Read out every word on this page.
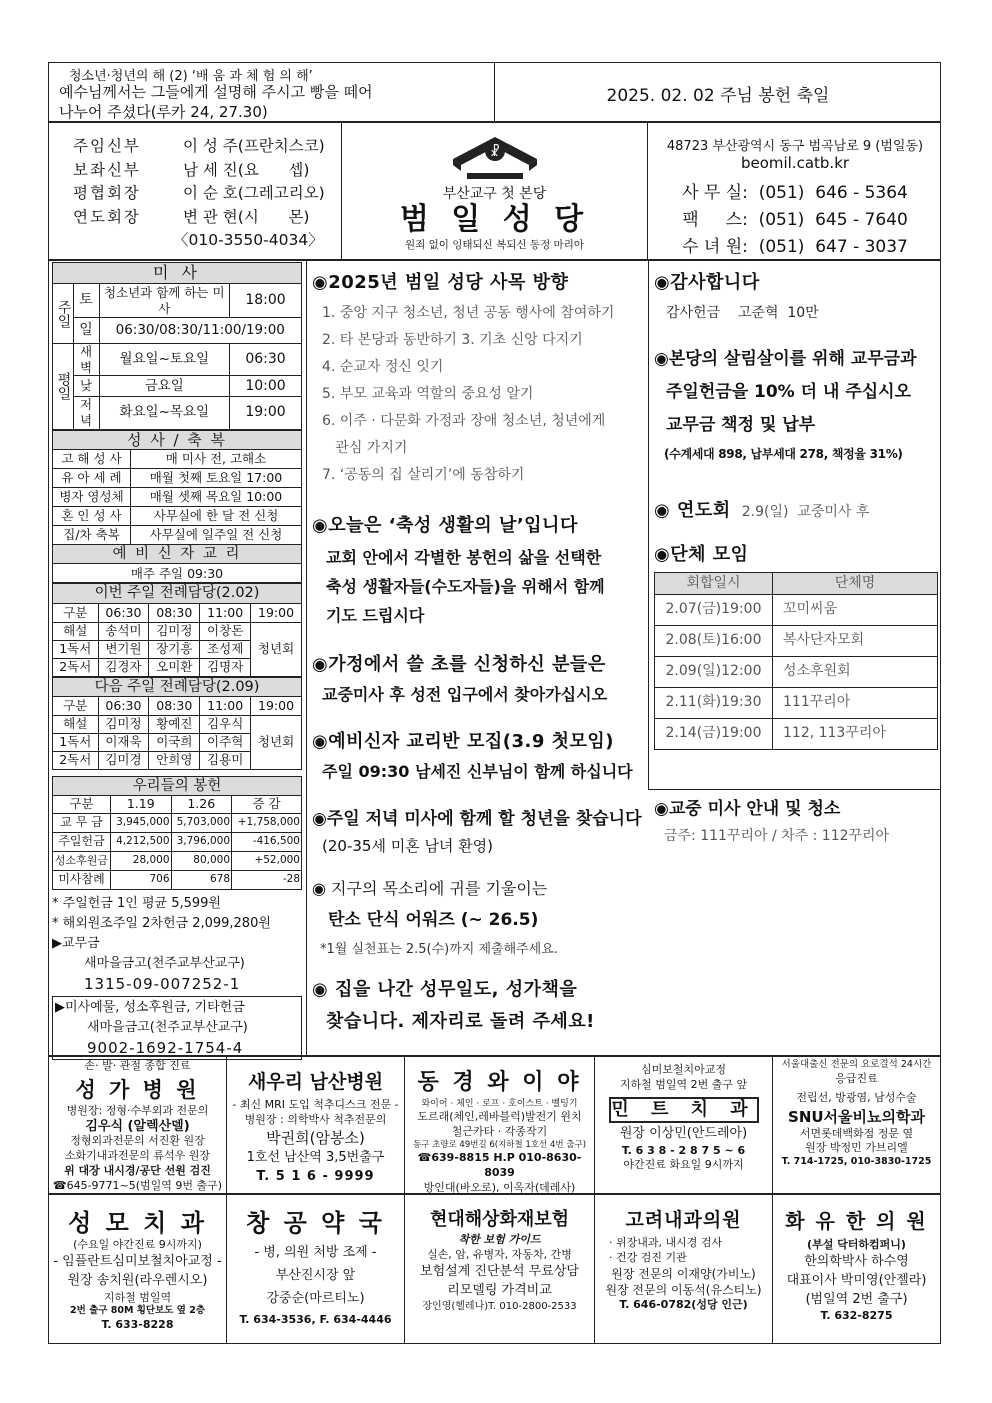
청소년·청년의 해 (2) ‘배 움 과 체 험 의 해’
예수님께서는 그들에게 설명해 주시고 빵을 떼어
나누어 주셨다(루카 24, 27.30)
2025. 02. 02 주님 봉헌 축일
주임신부	이 성 주(프란치스코)
보좌신부	남 세 진(요      셉)
평협회장	이 순 호(그레고리오)
연도회장	변 관 현(시      몬)
〈010-3550-4034〉
☧
부산교구 첫 본당
범 일 성 당
원죄 없이 잉태되신 복되신 동정 마리아
48723 부산광역시 동구 범곡남로 9 (범일동)
beomil.catb.kr
사 무 실:  (051)  646 - 5364
팩     스:  (051)  645 - 7640
수 녀 원:  (051)  647 - 3037
미 사			
주일	토	청소년과 함께 하는 미사	18:00
	일	06:30/08:30/11:00/19:00	
평일	새벽	월요일~토요일	06:30
	낮	금요일	10:00
	저녁	화요일~목요일	19:00
성 사 / 축 복	
고 해 성 사	매 미사 전, 고해소
유 아 세 례	매월 첫째 토요일 17:00
병자 영성체	매월 셋째 목요일 10:00
혼 인 성 사	사무실에 한 달 전 신청
집/차 축복	사무실에 일주일 전 신청
예 비 신 자 교 리	
매주 주일 09:30	
이번 주일 전례담당(2.02)				
구분	06:30	08:30	11:00	19:00
해설	송석미	김미정	이창돈	청년회
1독서	변기원	장기흥	조성제	
2독서	김경자	오미환	김명자	
다음 주일 전례담당(2.09)				
구분	06:30	08:30	11:00	19:00
해설	김미정	황예진	김우식	청년회
1독서	이재욱	이국희	이주혁	
2독서	김미경	안희영	김용미	
우리들의 봉헌			
구분	1.19	1.26	증 감
교 무 금	3,945,000	5,703,000	+1,758,000
주일헌금	4,212,500	3,796,000	-416,500
성소후원금	28,000	80,000	+52,000
미사참례	706	678	-28
* 주일헌금 1인 평균 5,599원
* 해외원조주일 2차헌금 2,099,280원
▶교무금
새마을금고(천주교부산교구)
1315-09-007252-1
▶미사예물, 성소후원금, 기타헌금
새마을금고(천주교부산교구)
9002-1692-1754-4
◉2025년 범일 성당 사목 방향
1. 중앙 지구 청소년, 청년 공동 행사에 참여하기
2. 타 본당과 동반하기 3. 기초 신앙 다지기
4. 순교자 정신 잇기
5. 부모 교육과 역할의 중요성 알기
6. 이주 · 다문화 가정과 장애 청소년, 청년에게
관심 가지기
7. ‘공동의 집 살리기’에 동참하기
◉오늘은 ‘축성 생활의 날’입니다
교회 안에서 각별한 봉헌의 삶을 선택한
축성 생활자들(수도자들)을 위해서 함께
기도 드립시다
◉가정에서 쓸 초를 신청하신 분들은
교중미사 후 성전 입구에서 찾아가십시오
◉예비신자 교리반 모집(3.9 첫모임)
주일 09:30 남세진 신부님이 함께 하십니다
◉주일 저녁 미사에 함께 할 청년을 찾습니다
(20-35세 미혼 남녀 환영)
◉ 지구의 목소리에 귀를 기울이는
탄소 단식 어워즈 (~ 26.5)
*1월 실천표는 2.5(수)까지 제출해주세요.
◉ 집을 나간 성무일도, 성가책을
찾습니다. 제자리로 돌려 주세요!
◉감사합니다
감사헌금    고준혁  10만
◉본당의 살림살이를 위해 교무금과
주일헌금을 10% 더 내 주십시오
교무금 책정 및 납부
(수계세대 898, 납부세대 278, 책정율 31%)
◉ 연도회 2.9(일)  교중미사 후
◉단체 모임
회합일시	단체명
2.07(금)19:00	꼬미씨움
2.08(토)16:00	복사단자모회
2.09(일)12:00	성소후원회
2.11(화)19:30	111꾸리아
2.14(금)19:00	112, 113꾸리아
◉교중 미사 안내 및 청소
금주: 111꾸리아 / 차주 : 112꾸리아
손· 발· 관절 종합 진료
성 가 병 원
병원장: 정형·수부외과 전문의
김우식 (알렉산델)
정형외과전문의 서진환 원장
소화기내과전문의 류석우 원장
위 대장 내시경/공단 선원 검진
☎645-9771~5(범일역 9번 출구)
새우리 남산병원
- 최신 MRI 도입 척추디스크 전문 -
병원장 : 의학박사 척추전문의
박권희(암봉소)
1호선 남산역 3,5번출구
T. 5 1 6 - 9999
동 경 와 이 야
와이어 · 체인 · 로프 · 호이스트 · 벨팅기
도르래(체인,레바블럭)발전기 윈치
철근카타 · 각종작기
동구 초량로 49번길 6(지하철 1호선 4번 출구)
☎639-8815 H.P 010-8630-8039
방인대(바오로), 이옥자(데레사)
심미보철치아교정
지하철 범일역 2번 출구 앞
민 트 치 과
원장 이상민(안드레아)
T. 6 3 8 - 2 8 7 5 ~ 6
야간진료 화요일 9시까지
서울대출신 전문의 요로결석 24시간
응급진료
전립선, 방광염, 남성수술
SNU서울비뇨의학과
서면롯데백화점 정문 옆
원장 박정민 가브리엘
T. 714-1725, 010-3830-1725
성 모 치 과
(수요일 야간진료 9시까지)
- 임플란트심미보철치아교정 -
원장 송치원(라우렌시오)
지하철 범일역
2번 출구 80M 횡단보도 옆 2층
T. 633-8228
창 공 약 국
- 병, 의원 처방 조제 -
부산진시장 앞
강중순(마르티노)
T. 634-3536, F. 634-4446
현대해상화재보험
착한 보험 가이드
실손, 암, 유병자, 자동차, 간병
보험설계 진단분석 무료상담
리모델링 가격비교
장인영(헬레나)T. 010-2800-2533
고려내과의원
· 위장내과, 내시경 검사
· 건강 검진 기관
원장 전문의 이재양(가비노)
원장 전문의 이동석(유스티노)
T. 646-0782(성당 인근)
화 유 한 의 원
(부설 닥터하컴퍼니)
한의학박사 하수영
대표이사 박미영(안젤라)
(범일역 2번 출구)
T. 632-8275
